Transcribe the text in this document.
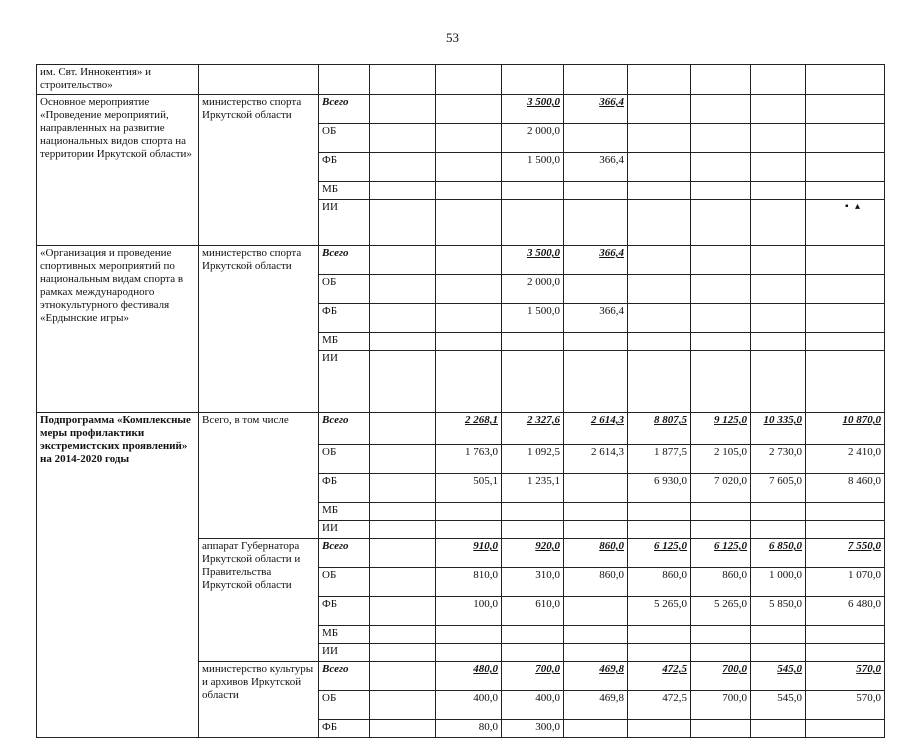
53
им. Свт. Иннокентия» и строительство»											
Основное мероприятие «Проведение мероприятий, направленных на развитие национальных видов спорта на территории Иркутской области»	министерство спорта Иркутской области	Всего			3 500,0	366,4					
		ОБ			2 000,0						
		ФБ			1 500,0	366,4					
		МБ									
		ИИ									
«Организация и проведение спортивных мероприятий по национальным видам спорта в рамках международного этнокультурного фестиваля «Ердынские игры»	министерство спорта Иркутской области	Всего			3 500,0	366,4					
		ОБ			2 000,0						
		ФБ			1 500,0	366,4					
		МБ									
		ИИ									
Подпрограмма «Комплексные меры профилактики экстремистских проявлений» на 2014-2020 годы	Всего, в том числе	Всего		2 268,1	2 327,6	2 614,3	8 807,5	9 125,0	10 335,0	10 870,0	
		ОБ		1 763,0	1 092,5	2 614,3	1 877,5	2 105,0	2 730,0	2 410,0	
		ФБ		505,1	1 235,1		6 930,0	7 020,0	7 605,0	8 460,0	
		МБ									
		ИИ									
	аппарат Губернатора Иркутской области и Правительства Иркутской области	Всего		910,0	920,0	860,0	6 125,0	6 125,0	6 850,0	7 550,0	
		ОБ		810,0	310,0	860,0	860,0	860,0	1 000,0	1 070,0	
		ФБ		100,0	610,0		5 265,0	5 265,0	5 850,0	6 480,0	
		МБ									
		ИИ									
	министерство культуры и архивов Иркутской области	Всего		480,0	700,0	469,8	472,5	700,0	545,0	570,0	
		ОБ		400,0	400,0	469,8	472,5	700,0	545,0	570,0	
		ФБ		80,0	300,0						
▪ ▴
